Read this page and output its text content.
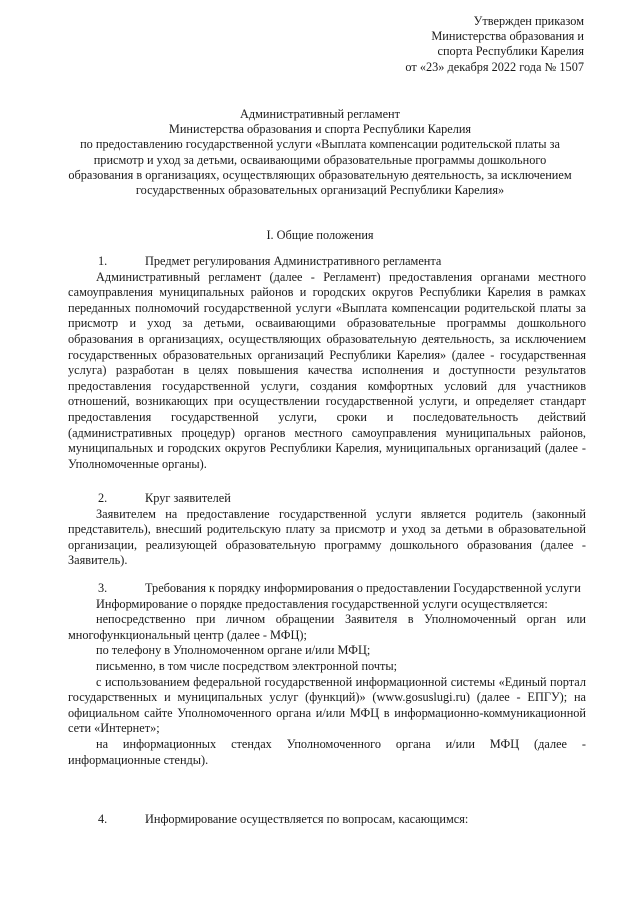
Утвержден приказом
Министерства образования и
спорта Республики Карелия
от «23» декабря 2022 года № 1507
Административный регламент
Министерства образования и спорта Республики Карелия
по предоставлению государственной услуги «Выплата компенсации родительской платы за присмотр и уход за детьми, осваивающими образовательные программы дошкольного образования в организациях, осуществляющих образовательную деятельность, за исключением государственных образовательных организаций Республики Карелия»
I. Общие положения
1.	Предмет регулирования Административного регламента
Административный регламент (далее - Регламент) предоставления органами местного самоуправления муниципальных районов и городских округов Республики Карелия в рамках переданных полномочий государственной услуги «Выплата компенсации родительской платы за присмотр и уход за детьми, осваивающими образовательные программы дошкольного образования в организациях, осуществляющих образовательную деятельность, за исключением государственных образовательных организаций Республики Карелия» (далее - государственная услуга) разработан в целях повышения качества исполнения и доступности результатов предоставления государственной услуги, создания комфортных условий для участников отношений, возникающих при осуществлении государственной услуги, и определяет стандарт предоставления государственной услуги, сроки и последовательность действий (административных процедур) органов местного самоуправления муниципальных районов, муниципальных и городских округов Республики Карелия, муниципальных организаций (далее - Уполномоченные органы).
2.	Круг заявителей
Заявителем на предоставление государственной услуги является родитель (законный представитель), внесший родительскую плату за присмотр и уход за детьми в образовательной организации, реализующей образовательную программу дошкольного образования (далее - Заявитель).
3.	Требования к порядку информирования о предоставлении Государственной услуги
Информирование о порядке предоставления государственной услуги осуществляется:
непосредственно при личном обращении Заявителя в Уполномоченный орган или многофункциональный центр (далее - МФЦ);
по телефону в Уполномоченном органе и/или МФЦ;
письменно, в том числе посредством электронной почты;
с использованием федеральной государственной информационной системы «Единый портал государственных и муниципальных услуг (функций)» (www.gosuslugi.ru) (далее - ЕПГУ); на официальном сайте Уполномоченного органа и/или МФЦ в информационно-коммуникационной сети «Интернет»;
на информационных стендах Уполномоченного органа и/или МФЦ (далее - информационные стенды).
4.	Информирование осуществляется по вопросам, касающимся:
